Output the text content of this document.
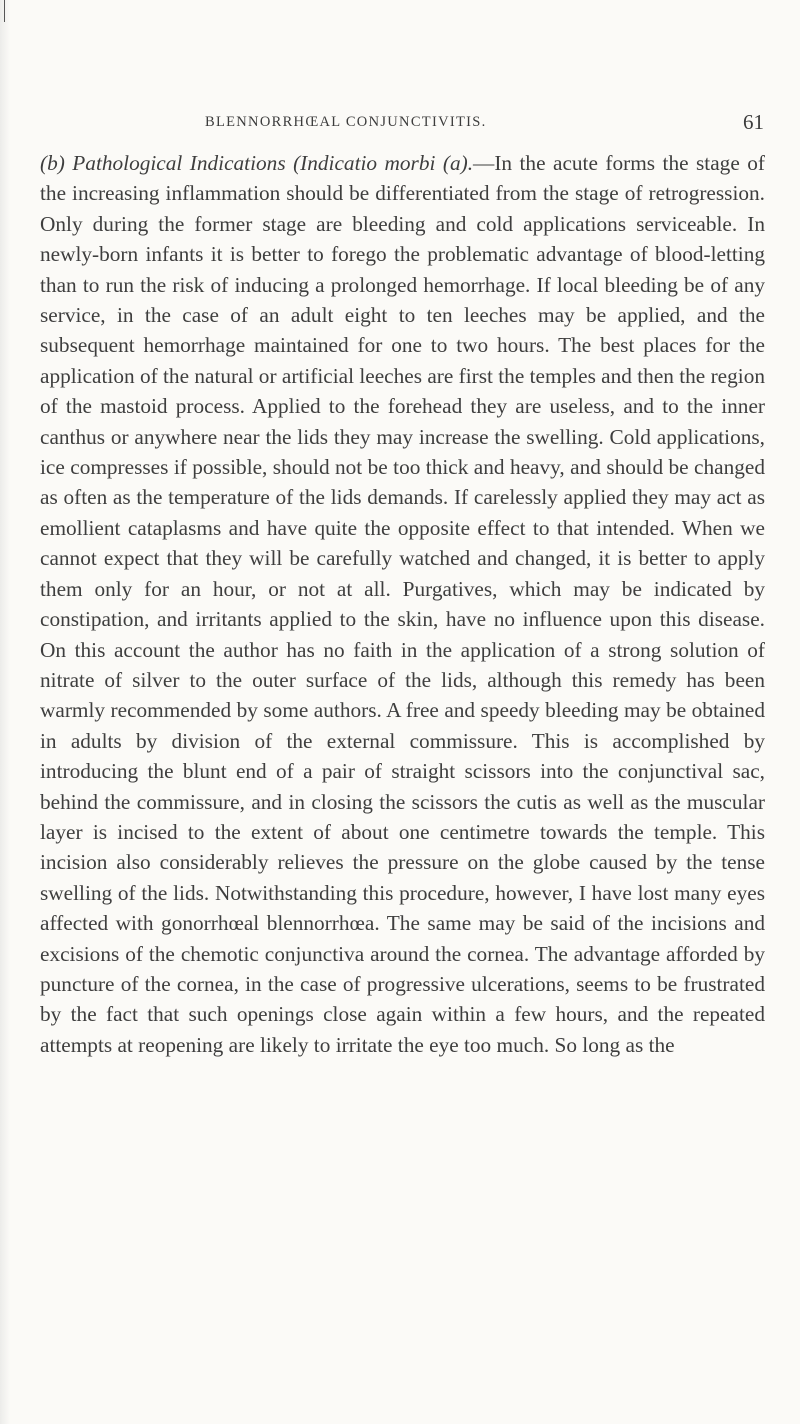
BLENNORRHŒAL CONJUNCTIVITIS.	61

(b) Pathological Indications (Indicatio morbi (a).—In the acute forms the stage of the increasing inflammation should be differentiated from the stage of retrogression. Only during the former stage are bleeding and cold applications serviceable. In newly-born infants it is better to forego the problematic advantage of blood-letting than to run the risk of inducing a prolonged hemorrhage. If local bleeding be of any service, in the case of an adult eight to ten leeches may be applied, and the subsequent hemorrhage maintained for one to two hours. The best places for the application of the natural or artificial leeches are first the temples and then the region of the mastoid process. Applied to the forehead they are useless, and to the inner canthus or anywhere near the lids they may increase the swelling. Cold applications, ice compresses if possible, should not be too thick and heavy, and should be changed as often as the temperature of the lids demands. If carelessly applied they may act as emollient cataplasms and have quite the opposite effect to that intended. When we cannot expect that they will be carefully watched and changed, it is better to apply them only for an hour, or not at all. Purgatives, which may be indicated by constipation, and irritants applied to the skin, have no influence upon this disease. On this account the author has no faith in the application of a strong solution of nitrate of silver to the outer surface of the lids, although this remedy has been warmly recommended by some authors. A free and speedy bleeding may be obtained in adults by division of the external commissure. This is accomplished by introducing the blunt end of a pair of straight scissors into the conjunctival sac, behind the commissure, and in closing the scissors the cutis as well as the muscular layer is incised to the extent of about one centimetre towards the temple. This incision also considerably relieves the pressure on the globe caused by the tense swelling of the lids. Notwithstanding this procedure, however, I have lost many eyes affected with gonorrhœal blennorrhœa. The same may be said of the incisions and excisions of the chemotic conjunctiva around the cornea. The advantage afforded by puncture of the cornea, in the case of progressive ulcerations, seems to be frustrated by the fact that such openings close again within a few hours, and the repeated attempts at reopening are likely to irritate the eye too much. So long as the
